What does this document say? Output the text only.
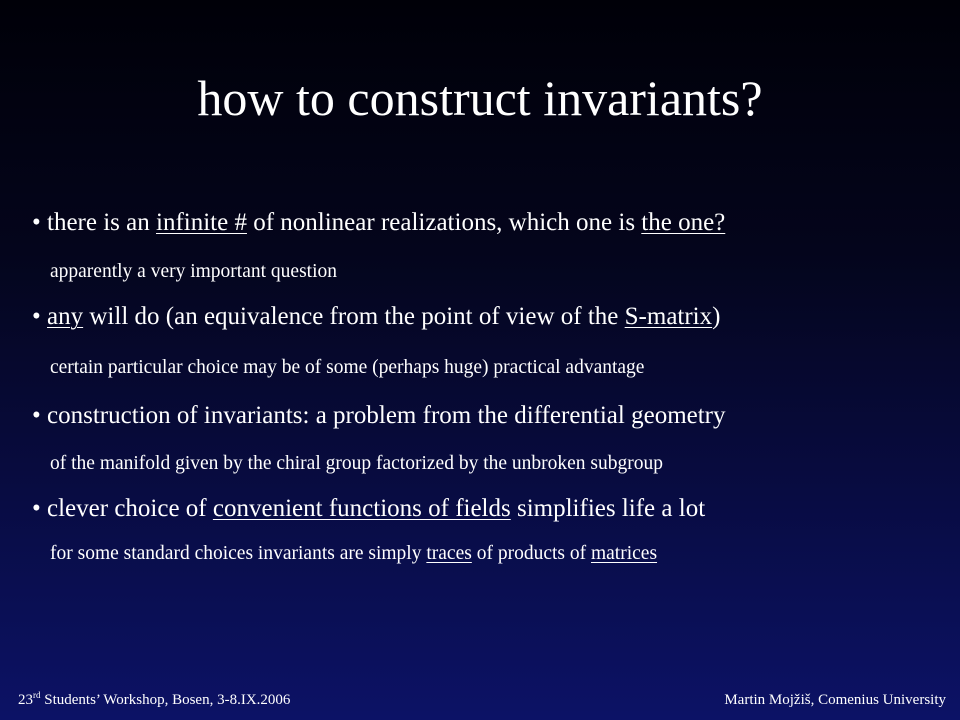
how to construct invariants?
• there is an infinite # of nonlinear realizations, which one is the one?
apparently a very important question
• any will do (an equivalence from the point of view of the S-matrix)
certain particular choice may be of some (perhaps huge) practical advantage
• construction of invariants: a problem from the differential geometry
of the manifold given by the chiral group factorized by the unbroken subgroup
• clever choice of convenient functions of fields simplifies life a lot
for some standard choices invariants are simply traces of products of matrices
23rd Students’ Workshop, Bosen, 3-8.IX.2006	Martin Mojžiš, Comenius University
